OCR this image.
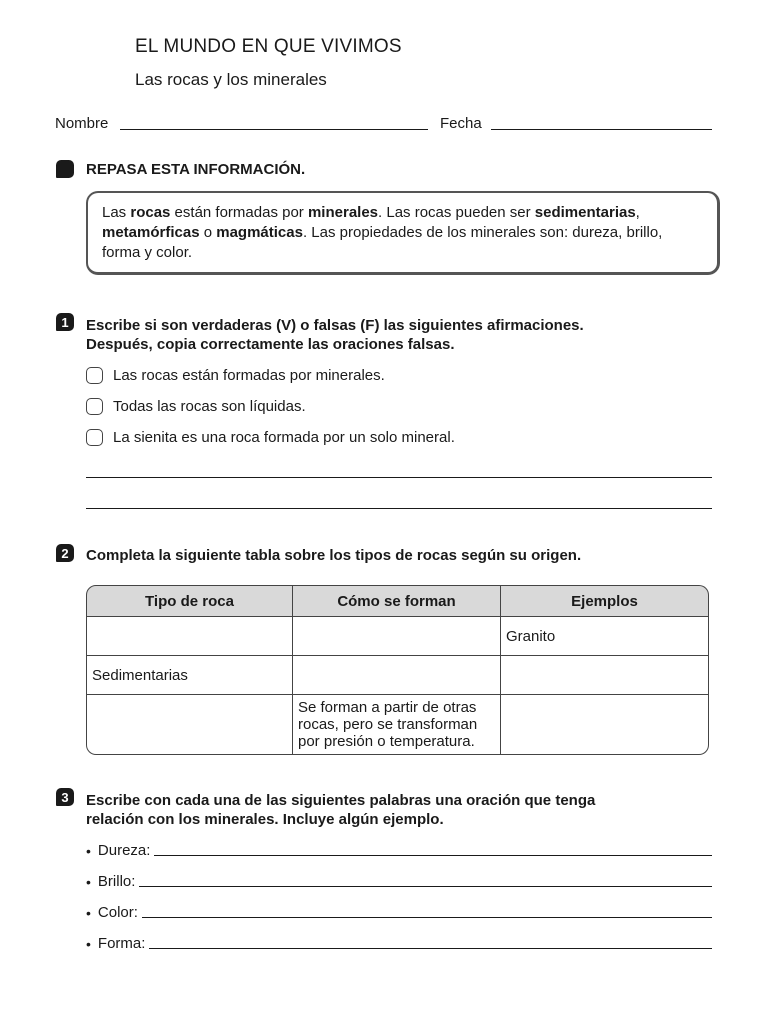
EL MUNDO EN QUE VIVIMOS
Las rocas y los minerales
Nombre	Fecha
REPASA ESTA INFORMACIÓN.
Las rocas están formadas por minerales. Las rocas pueden ser sedimentarias, metamórficas o magmáticas. Las propiedades de los minerales son: dureza, brillo, forma y color.
1	Escribe si son verdaderas (V) o falsas (F) las siguientes afirmaciones.
Después, copia correctamente las oraciones falsas.
Las rocas están formadas por minerales.
Todas las rocas son líquidas.
La sienita es una roca formada por un solo mineral.
2	Completa la siguiente tabla sobre los tipos de rocas según su origen.
Tipo de roca	Cómo se forman	Ejemplos
		Granito
Sedimentarias		
	Se forman a partir de otras rocas, pero se transforman por presión o temperatura.	
3	Escribe con cada una de las siguientes palabras una oración que tenga
relación con los minerales. Incluye algún ejemplo.
• Dureza:
• Brillo:
• Color:
• Forma:
